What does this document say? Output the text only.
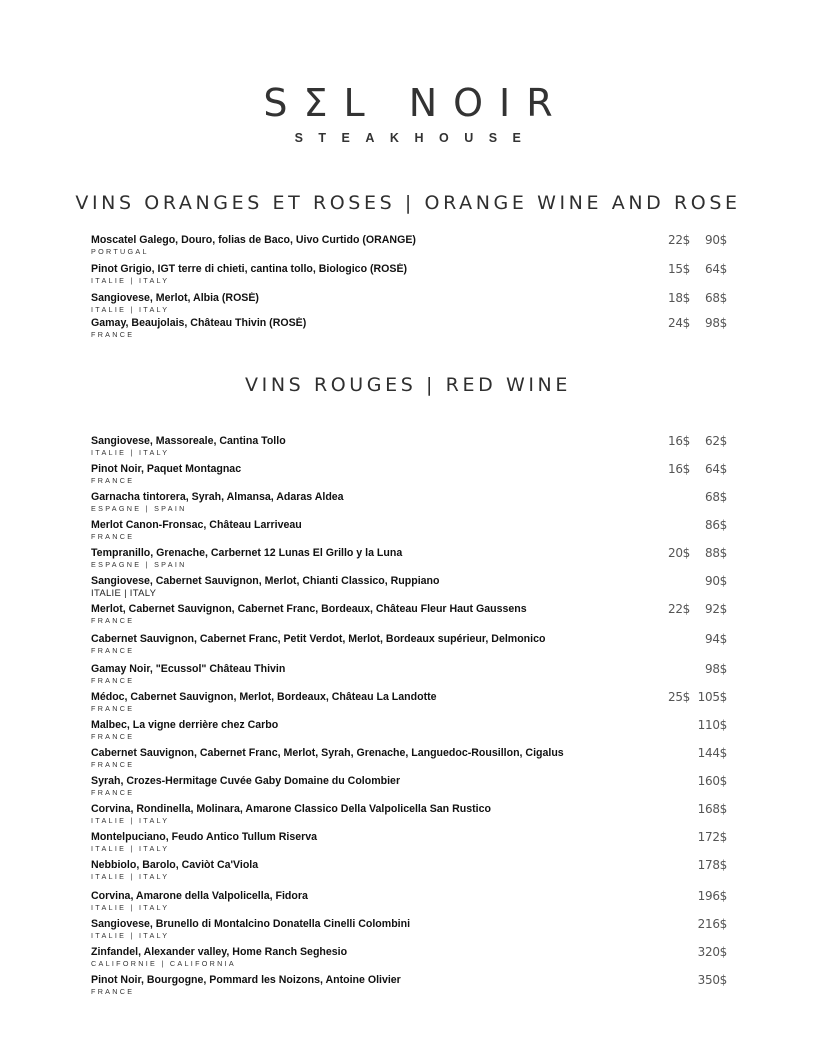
SΣL NOIR
STEAKHOUSE
VINS ORANGES ET ROSES | ORANGE WINE AND ROSE
Moscatel Galego, Douro, folias de Baco, Uivo Curtido (ORANGE)
PORTUGAL
22$	90$
Pinot Grigio, IGT terre di chieti, cantina tollo, Biologico (ROSÉ)
ITALIE | ITALY
15$	64$
Sangiovese, Merlot, Albia (ROSÉ)
ITALIE | ITALY
18$	68$
Gamay, Beaujolais, Château Thivin (ROSÉ)
FRANCE
24$	98$
VINS ROUGES | RED WINE
Sangiovese, Massoreale, Cantina Tollo
ITALIE | ITALY
16$	62$
Pinot Noir, Paquet Montagnac
FRANCE
16$	64$
Garnacha tintorera, Syrah, Almansa, Adaras Aldea
ESPAGNE | SPAIN
68$
Merlot Canon-Fronsac, Château Larriveau
FRANCE
86$
Tempranillo, Grenache, Carbernet 12 Lunas El Grillo y la Luna
ESPAGNE | SPAIN
20$	88$
Sangiovese, Cabernet Sauvignon, Merlot, Chianti Classico, Ruppiano
ITALIE | ITALY
90$
Merlot, Cabernet Sauvignon, Cabernet Franc, Bordeaux, Château Fleur Haut Gaussens
FRANCE
22$	92$
Cabernet Sauvignon, Cabernet Franc, Petit Verdot, Merlot, Bordeaux supérieur, Delmonico
FRANCE
94$
Gamay Noir, "Ecussol" Château Thivin
FRANCE
98$
Médoc, Cabernet Sauvignon, Merlot, Bordeaux, Château La Landotte
FRANCE
25$ 105$
Malbec, La vigne derrière chez Carbo
FRANCE
110$
Cabernet Sauvignon, Cabernet Franc, Merlot, Syrah, Grenache, Languedoc-Rousillon, Cigalus
FRANCE
144$
Syrah, Crozes-Hermitage Cuvée Gaby Domaine du Colombier
FRANCE
160$
Corvina, Rondinella, Molinara, Amarone Classico Della Valpolicella San Rustico
ITALIE | ITALY
168$
Montelpuciano, Feudo Antico Tullum Riserva
ITALIE | ITALY
172$
Nebbiolo, Barolo, Caviòt Ca'Viola
ITALIE | ITALY
178$
Corvina, Amarone della Valpolicella, Fidora
ITALIE | ITALY
196$
Sangiovese, Brunello di Montalcino Donatella Cinelli Colombini
ITALIE | ITALY
216$
Zinfandel, Alexander valley, Home Ranch Seghesio
CALIFORNIE | CALIFORNIA
320$
Pinot Noir, Bourgogne, Pommard les Noizons, Antoine Olivier
FRANCE
350$
